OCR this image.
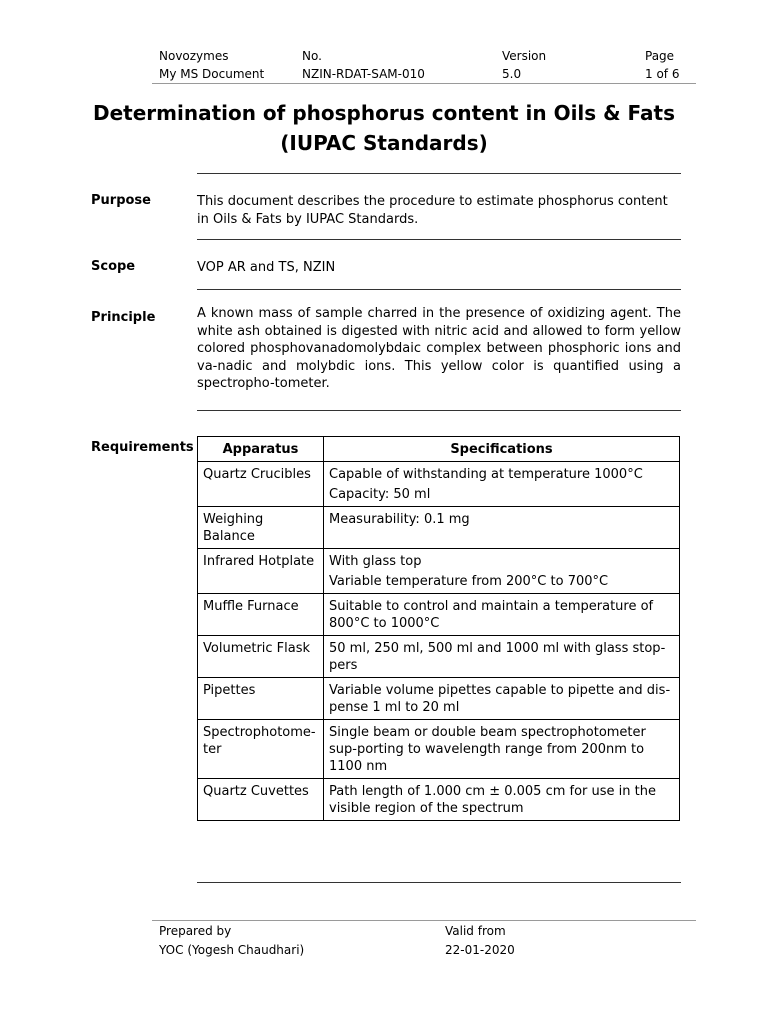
Novozymes
My MS Document
No.
NZIN-RDAT-SAM-010
Version
5.0
Page
1 of 6
Determination of phosphorus content in Oils & Fats
(IUPAC Standards)
Purpose	This document describes the procedure to estimate phosphorus content in Oils & Fats by IUPAC Standards.
Scope	VOP AR and TS, NZIN
Principle	A known mass of sample charred in the presence of oxidizing agent. The white ash obtained is digested with nitric acid and allowed to form yellow colored phosphovanadomolybdaic complex between phosphoric ions and va-nadic and molybdic ions. This yellow color is quantified using a spectropho-tometer.
Requirements Apparatus	Specifications
Quartz Crucibles	Capable of withstanding at temperature 1000°C
Capacity: 50 ml

Weighing Balance	Measurability: 0.1 mg

Infrared Hotplate	With glass top
Variable temperature from 200°C to 700°C

Muffle Furnace	Suitable to control and maintain a temperature of 800°C to 1000°C

Volumetric Flask	50 ml, 250 ml, 500 ml and 1000 ml with glass stop-pers

Pipettes	Variable volume pipettes capable to pipette and dis-pense 1 ml to 20 ml

Spectrophotome-ter	Single beam or double beam spectrophotometer sup-porting to wavelength range from 200nm to 1100 nm

Quartz Cuvettes	Path length of 1.000 cm ± 0.005 cm for use in the visible region of the spectrum
Prepared by
YOC (Yogesh Chaudhari)
Valid from
22-01-2020
